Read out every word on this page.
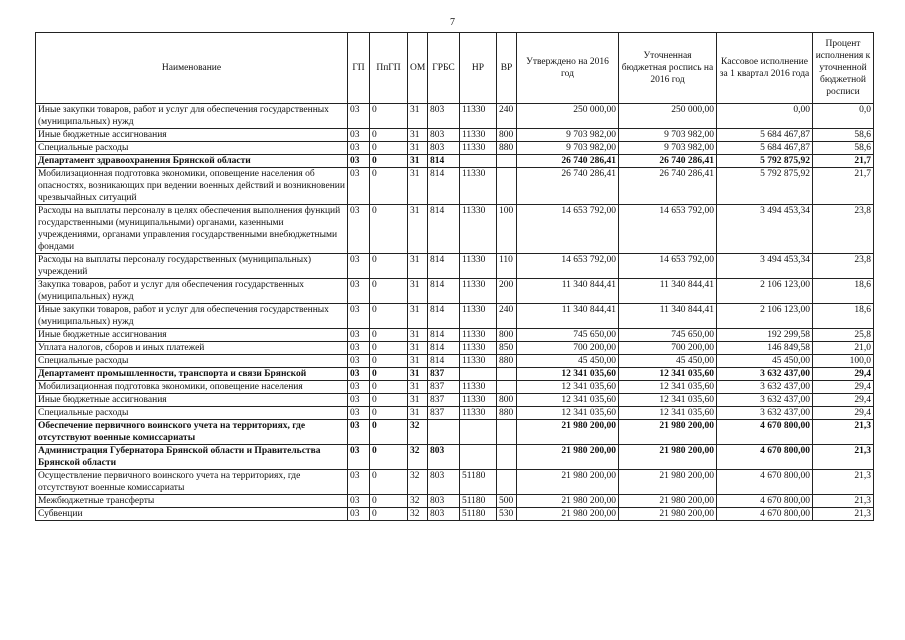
7
Наименование	ГП	ПпГП	ОМ	ГРБС	НР	ВР	Утверждено на 2016 год	Уточненная бюджетная роспись на 2016 год	Кассовое исполнение за 1 квартал 2016 года	Процент исполнения к уточненной бюджетной росписи
Иные закупки товаров, работ и услуг для обеспечения государственных (муниципальных) нужд	03	0	31	803	11330	240	250 000,00	250 000,00	0,00	0,0
Иные бюджетные ассигнования	03	0	31	803	11330	800	9 703 982,00	9 703 982,00	5 684 467,87	58,6
Специальные расходы	03	0	31	803	11330	880	9 703 982,00	9 703 982,00	5 684 467,87	58,6
Департамент здравоохранения Брянской области	03	0	31	814			26 740 286,41	26 740 286,41	5 792 875,92	21,7
Мобилизационная подготовка экономики, оповещение населения об опасностях, возникающих при ведении военных действий и возникновении чрезвычайных ситуаций	03	0	31	814	11330		26 740 286,41	26 740 286,41	5 792 875,92	21,7
Расходы на выплаты персоналу в целях обеспечения выполнения функций государственными (муниципальными) органами, казенными учреждениями, органами управления государственными внебюджетными фондами	03	0	31	814	11330	100	14 653 792,00	14 653 792,00	3 494 453,34	23,8
Расходы на выплаты персоналу государственных (муниципальных) учреждений	03	0	31	814	11330	110	14 653 792,00	14 653 792,00	3 494 453,34	23,8
Закупка товаров, работ и услуг для обеспечения государственных (муниципальных) нужд	03	0	31	814	11330	200	11 340 844,41	11 340 844,41	2 106 123,00	18,6
Иные закупки товаров, работ и услуг для обеспечения государственных (муниципальных) нужд	03	0	31	814	11330	240	11 340 844,41	11 340 844,41	2 106 123,00	18,6
Иные бюджетные ассигнования	03	0	31	814	11330	800	745 650,00	745 650,00	192 299,58	25,8
Уплата налогов, сборов и иных платежей	03	0	31	814	11330	850	700 200,00	700 200,00	146 849,58	21,0
Специальные расходы	03	0	31	814	11330	880	45 450,00	45 450,00	45 450,00	100,0
Департамент промышленности, транспорта и связи Брянской	03	0	31	837			12 341 035,60	12 341 035,60	3 632 437,00	29,4
Мобилизационная подготовка экономики, оповещение населения	03	0	31	837	11330		12 341 035,60	12 341 035,60	3 632 437,00	29,4
Иные бюджетные ассигнования	03	0	31	837	11330	800	12 341 035,60	12 341 035,60	3 632 437,00	29,4
Специальные расходы	03	0	31	837	11330	880	12 341 035,60	12 341 035,60	3 632 437,00	29,4
Обеспечение первичного воинского учета на территориях, где отсутствуют военные комиссариаты	03	0	32				21 980 200,00	21 980 200,00	4 670 800,00	21,3
Администрация Губернатора Брянской области и Правительства Брянской области	03	0	32	803			21 980 200,00	21 980 200,00	4 670 800,00	21,3
Осуществление первичного воинского учета на территориях, где отсутствуют военные комиссариаты	03	0	32	803	51180		21 980 200,00	21 980 200,00	4 670 800,00	21,3
Межбюджетные трансферты	03	0	32	803	51180	500	21 980 200,00	21 980 200,00	4 670 800,00	21,3
Субвенции	03	0	32	803	51180	530	21 980 200,00	21 980 200,00	4 670 800,00	21,3
